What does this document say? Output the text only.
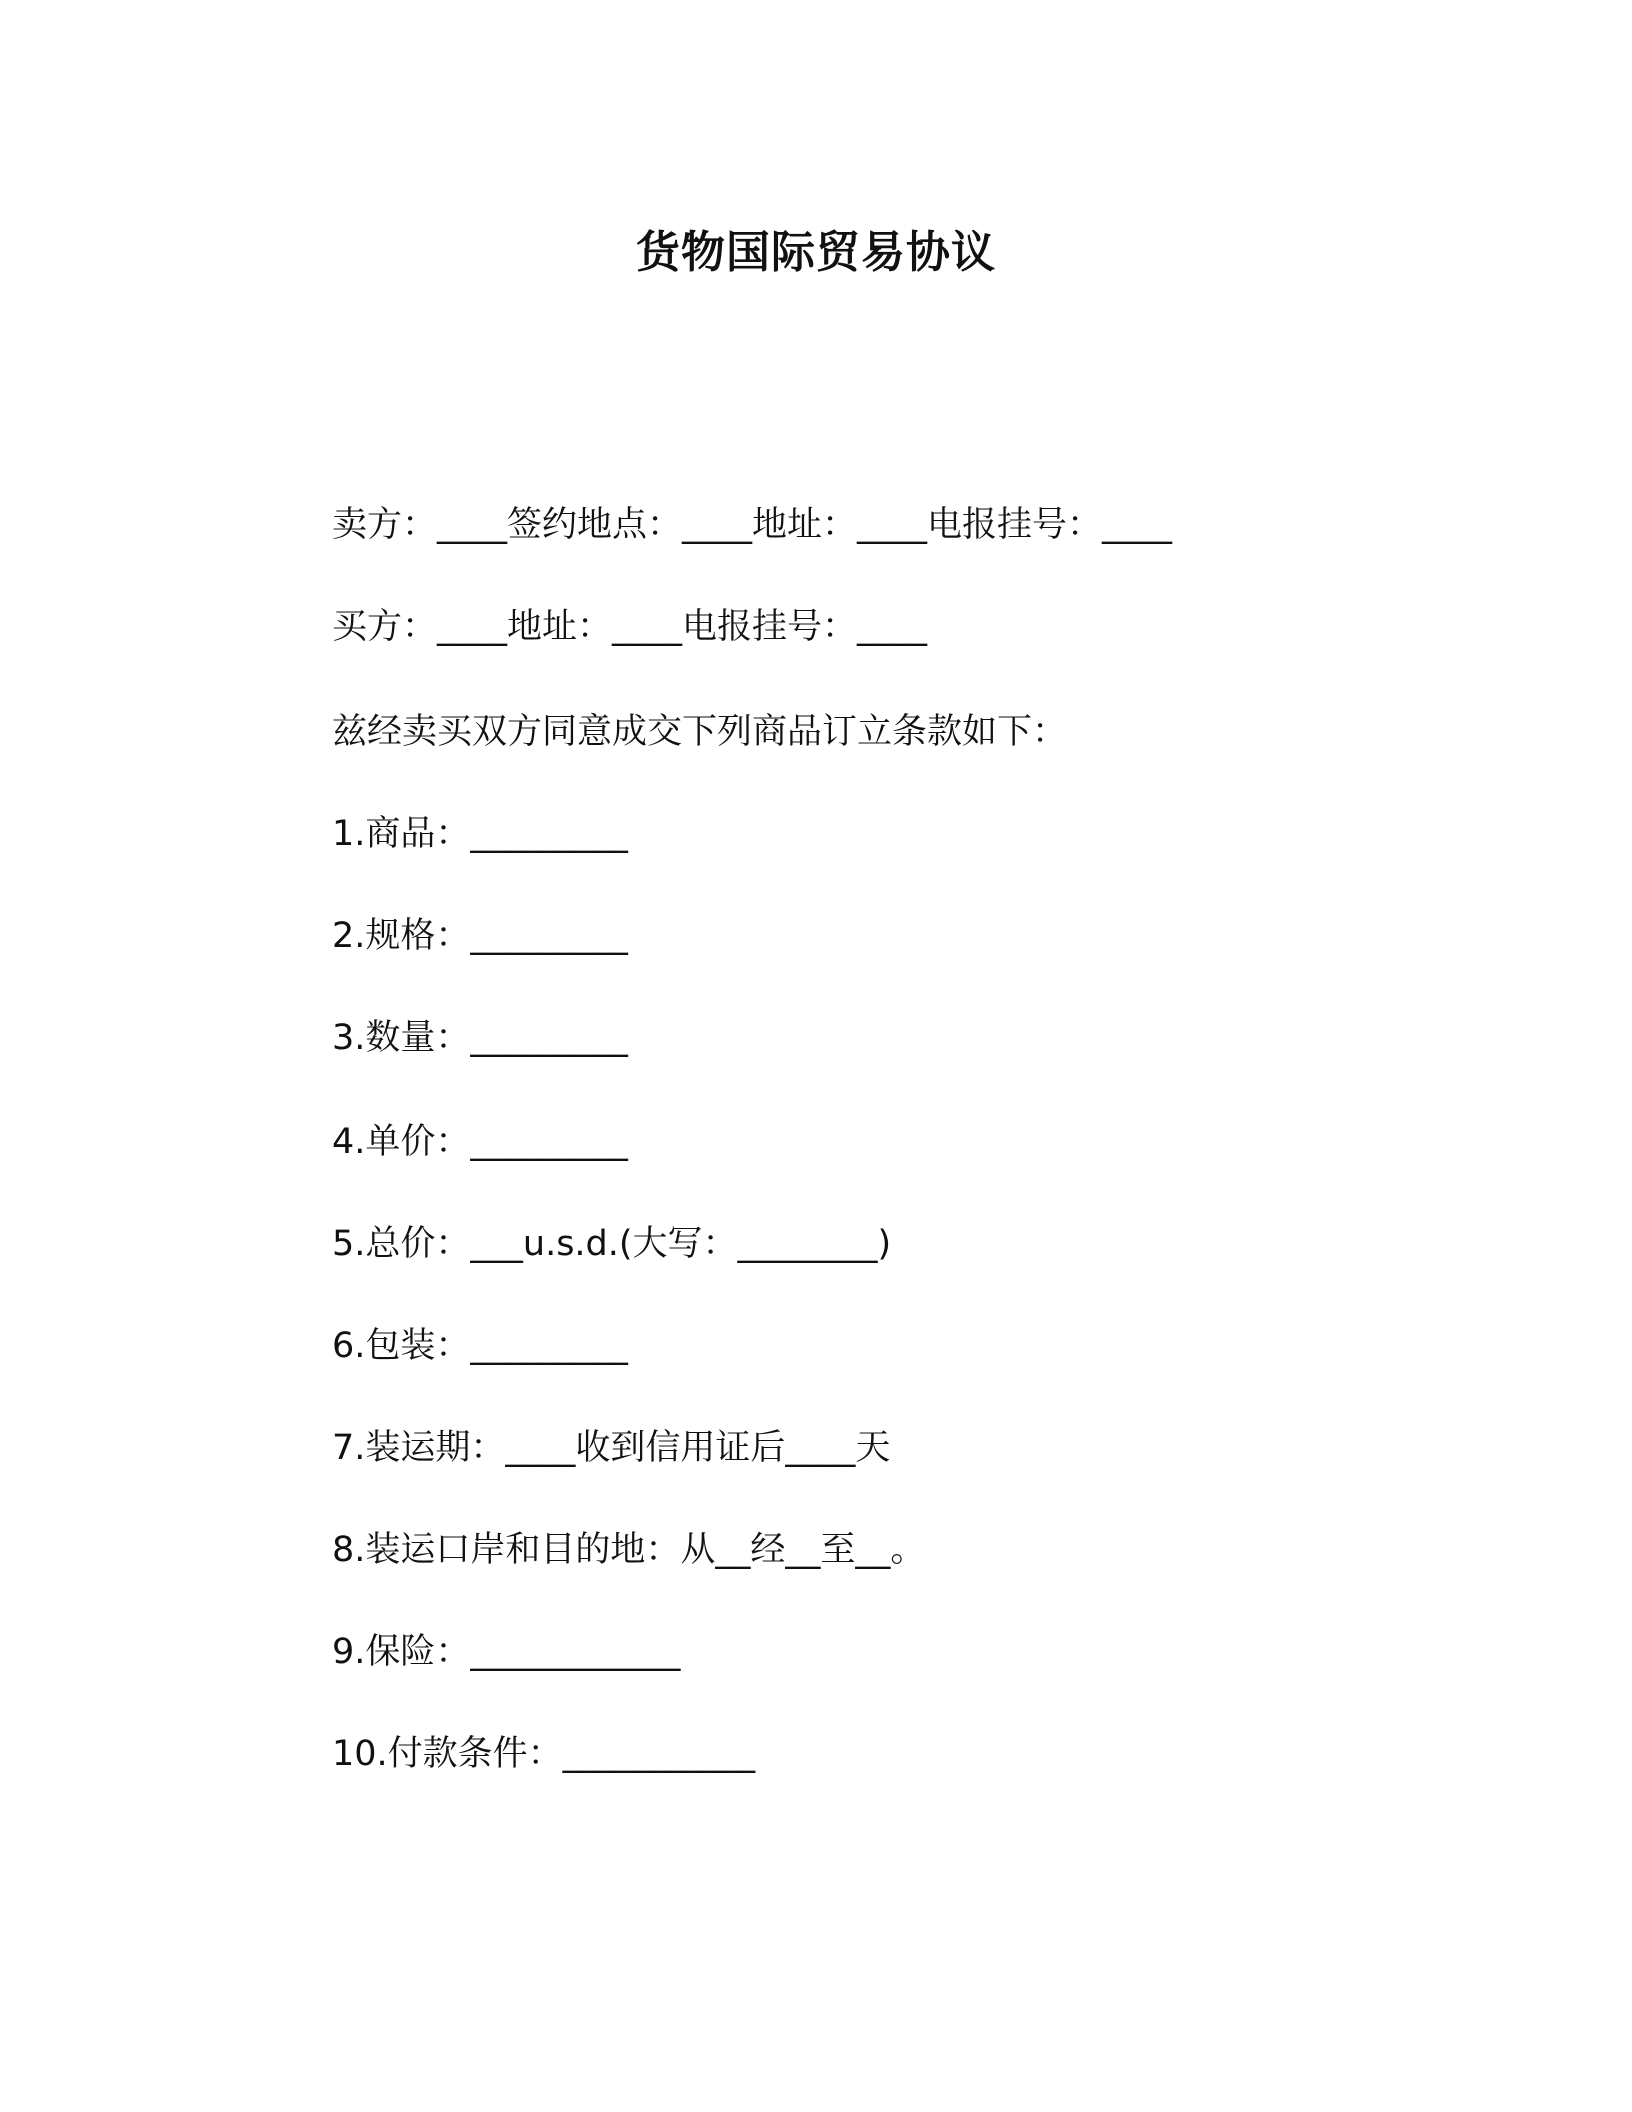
货物国际贸易协议
卖方：____签约地点：____地址：____电报挂号：____
买方：____地址：____电报挂号：____
兹经卖买双方同意成交下列商品订立条款如下：
1.商品：_________
2.规格：_________
3.数量：_________
4.单价：_________
5.总价：___u.s.d.(大写：________)
6.包装：_________
7.装运期：____收到信用证后____天
8.装运口岸和目的地：从__经__至__。
9.保险：____________
10.付款条件：___________
